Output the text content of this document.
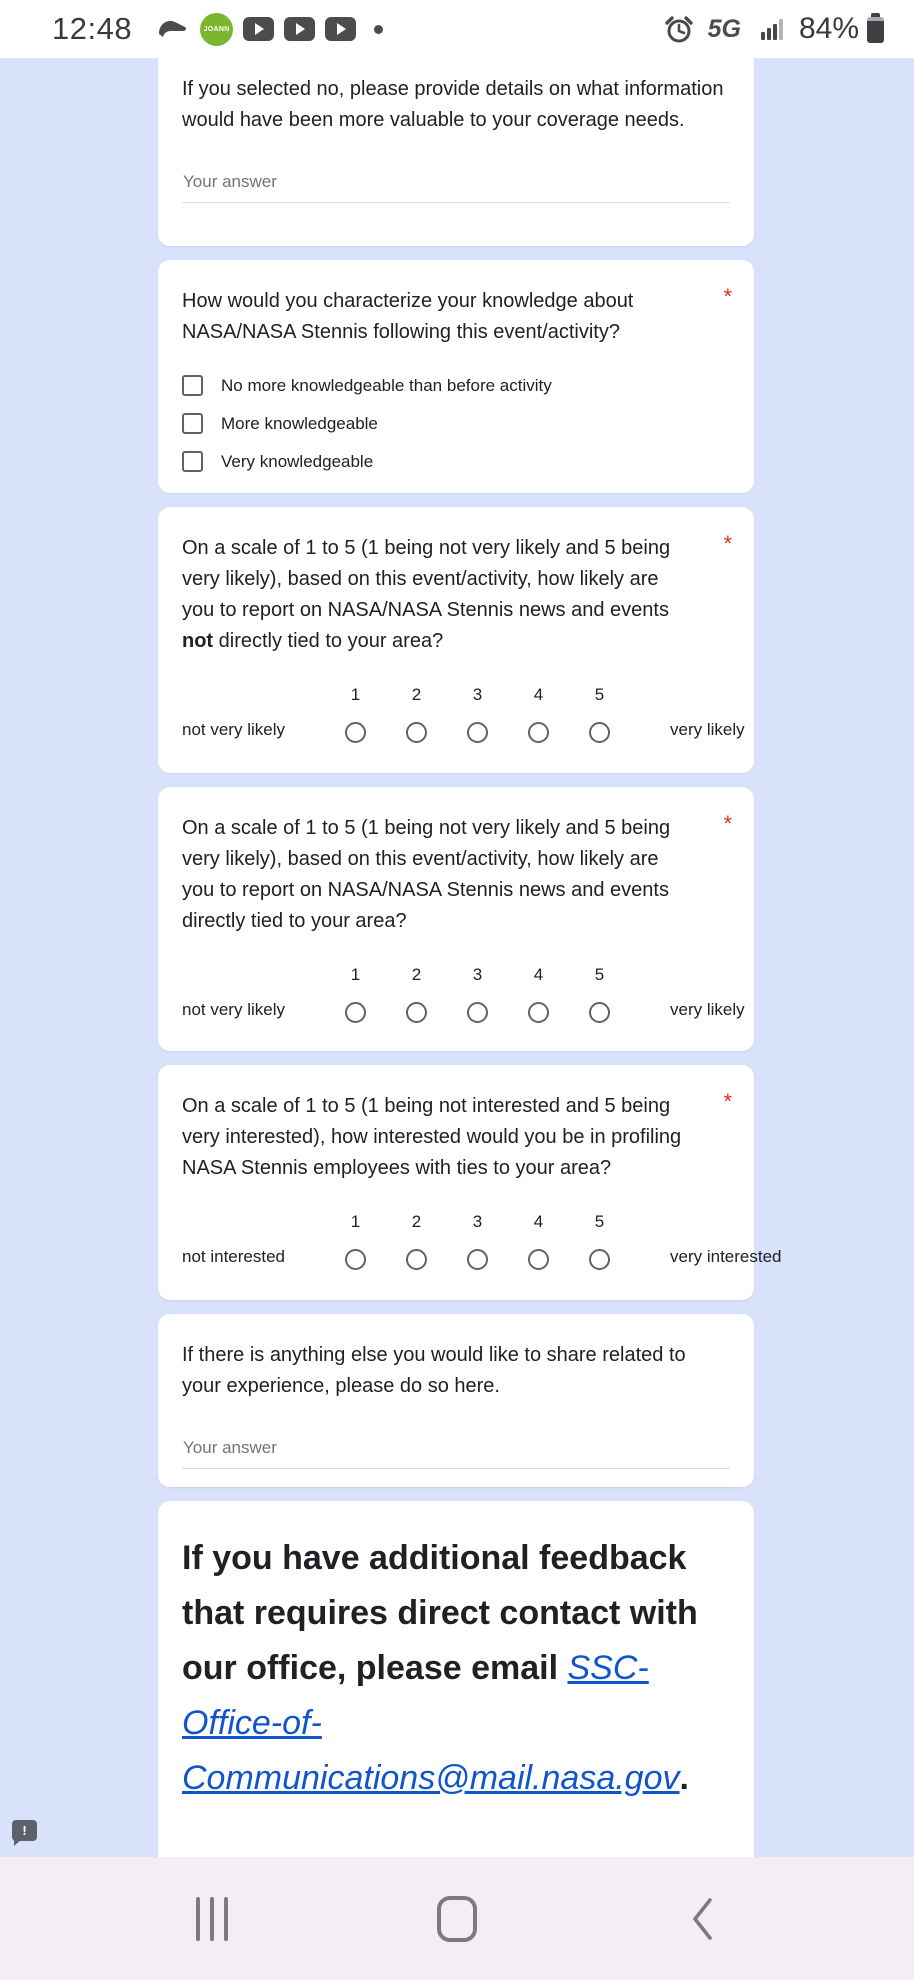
12:48	JOANN	5G 84%
If you selected no, please provide details on what information would have been more valuable to your coverage needs.
Your answer
How would you characterize your knowledge about NASA/NASA Stennis following this event/activity?
*
No more knowledgeable than before activity
More knowledgeable
Very knowledgeable
On a scale of 1 to 5 (1 being not very likely and 5 being very likely), based on this event/activity, how likely are you to report on NASA/NASA Stennis news and events not directly tied to your area?
*
not very likely
1	2	3	4	5
very likely
On a scale of 1 to 5 (1 being not very likely and 5 being very likely), based on this event/activity, how likely are you to report on NASA/NASA Stennis news and events directly tied to your area?
*
not very likely
1	2	3	4	5
very likely
On a scale of 1 to 5 (1 being not interested and 5 being very interested), how interested would you be in profiling NASA Stennis employees with ties to your area?
*
not interested
1	2	3	4	5
very interested
If there is anything else you would like to share related to your experience, please do so here.
Your answer
If you have additional feedback that requires direct contact with our office, please email SSC-Office-of-Communications@mail.nasa.gov.
!
